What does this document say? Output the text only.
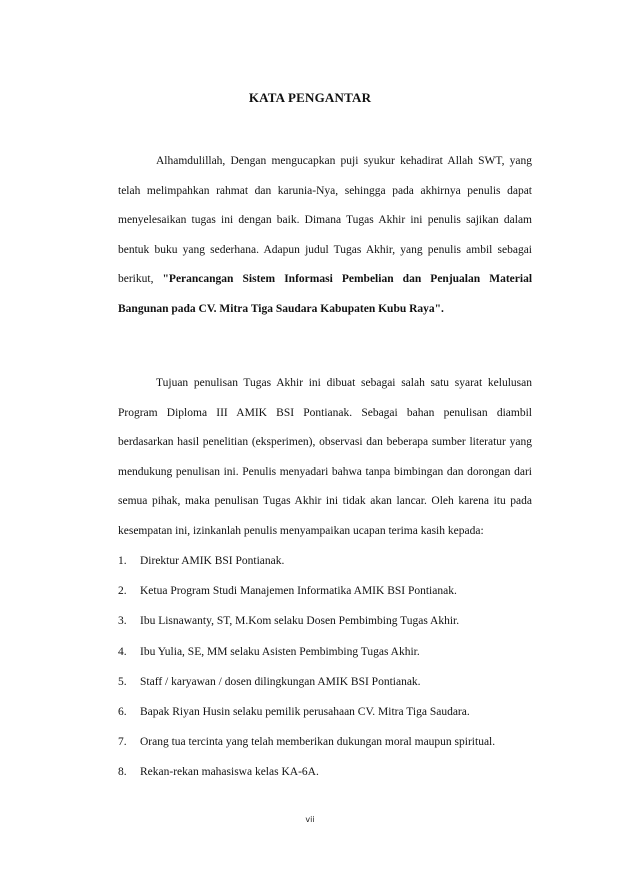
KATA PENGANTAR

Alhamdulillah, Dengan mengucapkan puji syukur kehadirat Allah SWT, yang telah melimpahkan rahmat dan karunia-Nya, sehingga pada akhirnya penulis dapat menyelesaikan tugas ini dengan baik. Dimana Tugas Akhir ini penulis sajikan dalam bentuk buku yang sederhana. Adapun judul Tugas Akhir, yang penulis ambil sebagai berikut, "Perancangan Sistem Informasi Pembelian dan Penjualan Material Bangunan pada CV. Mitra Tiga Saudara Kabupaten Kubu Raya".

Tujuan penulisan Tugas Akhir ini dibuat sebagai salah satu syarat kelulusan Program Diploma III AMIK BSI Pontianak. Sebagai bahan penulisan diambil berdasarkan hasil penelitian (eksperimen), observasi dan beberapa sumber literatur yang mendukung penulisan ini. Penulis menyadari bahwa tanpa bimbingan dan dorongan dari semua pihak, maka penulisan Tugas Akhir ini tidak akan lancar. Oleh karena itu pada kesempatan ini, izinkanlah penulis menyampaikan ucapan terima kasih kepada:

1.	Direktur AMIK BSI Pontianak.
2.	Ketua Program Studi Manajemen Informatika AMIK BSI Pontianak.
3.	Ibu Lisnawanty, ST, M.Kom selaku Dosen Pembimbing Tugas Akhir.
4.	Ibu Yulia, SE, MM selaku Asisten Pembimbing Tugas Akhir.
5.	Staff / karyawan / dosen dilingkungan AMIK BSI Pontianak.
6.	Bapak Riyan Husin selaku pemilik perusahaan CV. Mitra Tiga Saudara.
7.	Orang tua tercinta yang telah memberikan dukungan moral maupun spiritual.
8.	Rekan-rekan mahasiswa kelas KA-6A.
vii
